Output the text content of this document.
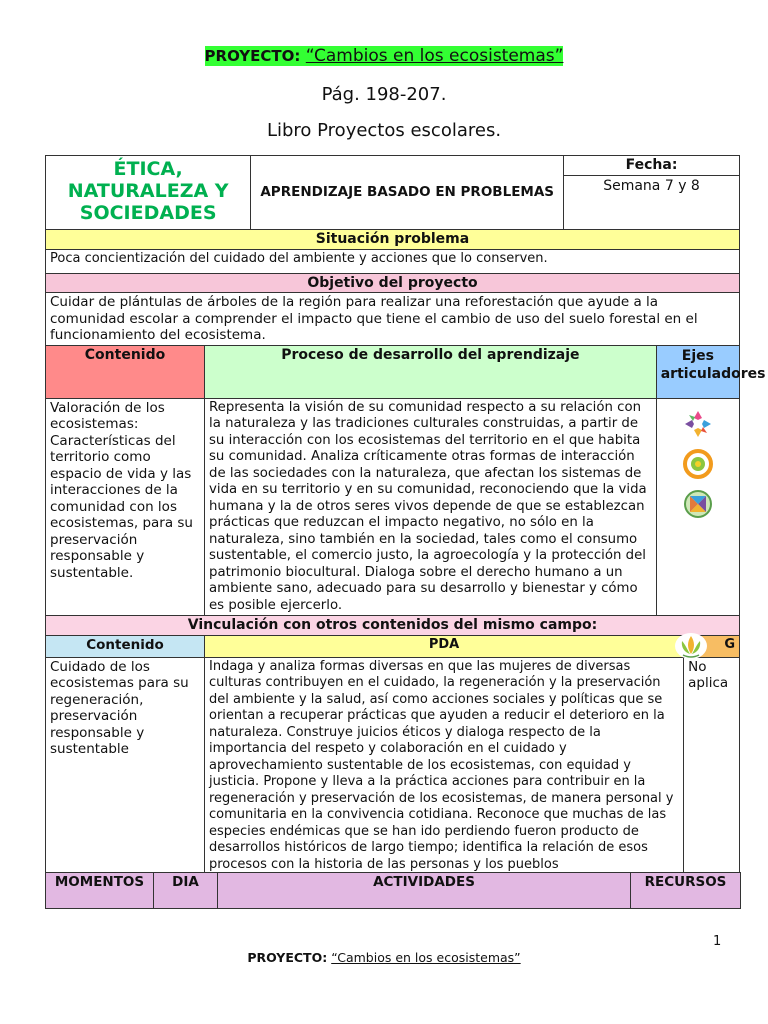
PROYECTO: “Cambios en los ecosistemas”
Pág. 198-207.
Libro Proyectos escolares.
ÉTICA, NATURALEZA Y SOCIEDADES		APRENDIZAJE BASADO EN PROBLEMAS	Fecha:
Semana 7 y 8		

Situación problema					
Poca concientización del cuidado del ambiente y acciones que lo conserven.					
Objetivo del proyecto					
Cuidar de plántulas de árboles de la región para realizar una reforestación que ayude a la comunidad escolar a comprender el impacto que tiene el cambio de uso del suelo forestal en el funcionamiento del ecosistema.					
Contenido	Proceso de desarrollo del aprendizaje			Ejes articuladores	
Valoración de los ecosistemas: Características del territorio como espacio de vida y las interacciones de la comunidad con los ecosistemas, para su preservación responsable y sustentable.	Representa la visión de su comunidad respecto a su relación con la naturaleza y las tradiciones culturales construidas, a partir de su interacción con los ecosistemas del territorio en el que habita su comunidad. Analiza críticamente otras formas de interacción de las sociedades con la naturaleza, que afectan los sistemas de vida en su territorio y en su comunidad, reconociendo que la vida humana y la de otros seres vivos depende de que se establezcan prácticas que reduzcan el impacto negativo, no sólo en la naturaleza, sino también en la sociedad, tales como el consumo sustentable, el comercio justo, la agroecología y la protección del patrimonio biocultural. Dialoga sobre el derecho humano a un ambiente sano, adecuado para su desarrollo y bienestar y cómo es posible ejercerlo.	

Vinculación con otros contenidos del mismo campo:					
Contenido	PDA				G
Cuidado de los ecosistemas para su regeneración, preservación responsable y sustentable	Indaga y analiza formas diversas en que las mujeres de diversas culturas contribuyen en el cuidado, la regeneración y la preservación del ambiente y la salud, así como acciones sociales y políticas que se orientan a recuperar prácticas que ayuden a reducir el deterioro en la naturaleza. Construye juicios éticos y dialoga respecto de la importancia del respeto y colaboración en el cuidado y aprovechamiento sustentable de los ecosistemas, con equidad y justicia. Propone y lleva a la práctica acciones para contribuir en la regeneración y preservación de los ecosistemas, de manera personal y comunitaria en la convivencia cotidiana. Reconoce que muchas de las especies endémicas que se han ido perdiendo fueron producto de desarrollos históricos de largo tiempo; identifica la relación de esos procesos con la historia de las personas y los pueblos				No aplica
MOMENTOS	DIA	ACTIVIDADES	RECURSOS
1
PROYECTO: “Cambios en los ecosistemas”
